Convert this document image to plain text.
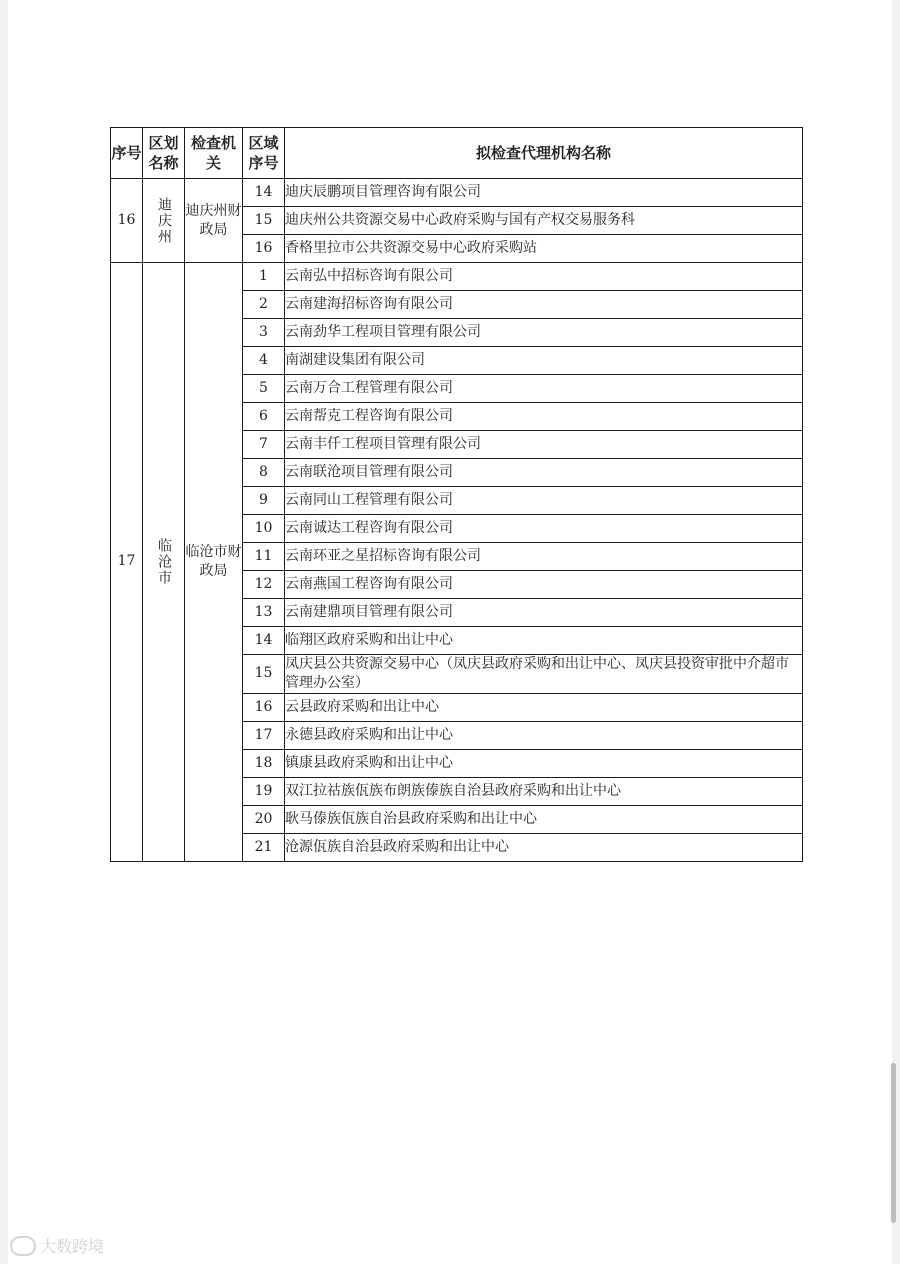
序号	区划名称	检查机关	区域序号	拟检查代理机构名称
16	迪庆州	迪庆州财政局	14	迪庆辰鹏项目管理咨询有限公司
			15	迪庆州公共资源交易中心政府采购与国有产权交易服务科
			16	香格里拉市公共资源交易中心政府采购站
17	临沧市	临沧市财政局	1	云南弘中招标咨询有限公司
			2	云南建海招标咨询有限公司
			3	云南劲华工程项目管理有限公司
			4	南湖建设集团有限公司
			5	云南万合工程管理有限公司
			6	云南帮克工程咨询有限公司
			7	云南丰仟工程项目管理有限公司
			8	云南联沧项目管理有限公司
			9	云南同山工程管理有限公司
			10	云南诚达工程咨询有限公司
			11	云南环亚之星招标咨询有限公司
			12	云南燕国工程咨询有限公司
			13	云南建鼎项目管理有限公司
			14	临翔区政府采购和出让中心
			15	凤庆县公共资源交易中心（凤庆县政府采购和出让中心、凤庆县投资审批中介超市管理办公室）
			16	云县政府采购和出让中心
			17	永德县政府采购和出让中心
			18	镇康县政府采购和出让中心
			19	双江拉祜族佤族布朗族傣族自治县政府采购和出让中心
			20	耿马傣族佤族自治县政府采购和出让中心
			21	沧源佤族自治县政府采购和出让中心
大数跨境
